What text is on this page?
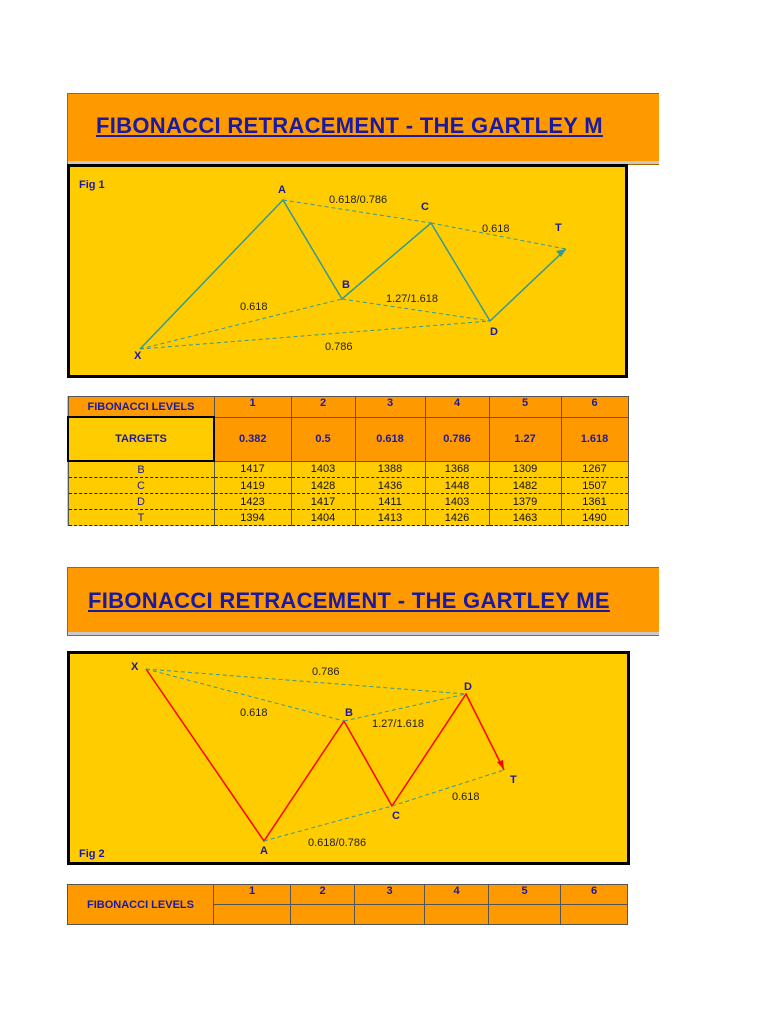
FIBONACCI RETRACEMENT - THE GARTLEY M
Fig 1
X
A
B
C
D
T
0.618/0.786
0.618
0.618
1.27/1.618
0.786
FIBONACCI LEVELS	1	2	3	4	5	6
TARGETS	0.382	0.5	0.618	0.786	1.27	1.618
B	1417	1403	1388	1368	1309	1267
C	1419	1428	1436	1448	1482	1507
D	1423	1417	1411	1403	1379	1361
T	1394	1404	1413	1426	1463	1490
FIBONACCI RETRACEMENT - THE GARTLEY ME
Fig 2
X
A
B
C
D
T
0.786
0.618
1.27/1.618
0.618
0.618/0.786
FIBONACCI LEVELS	1	2	3	4	5	6
